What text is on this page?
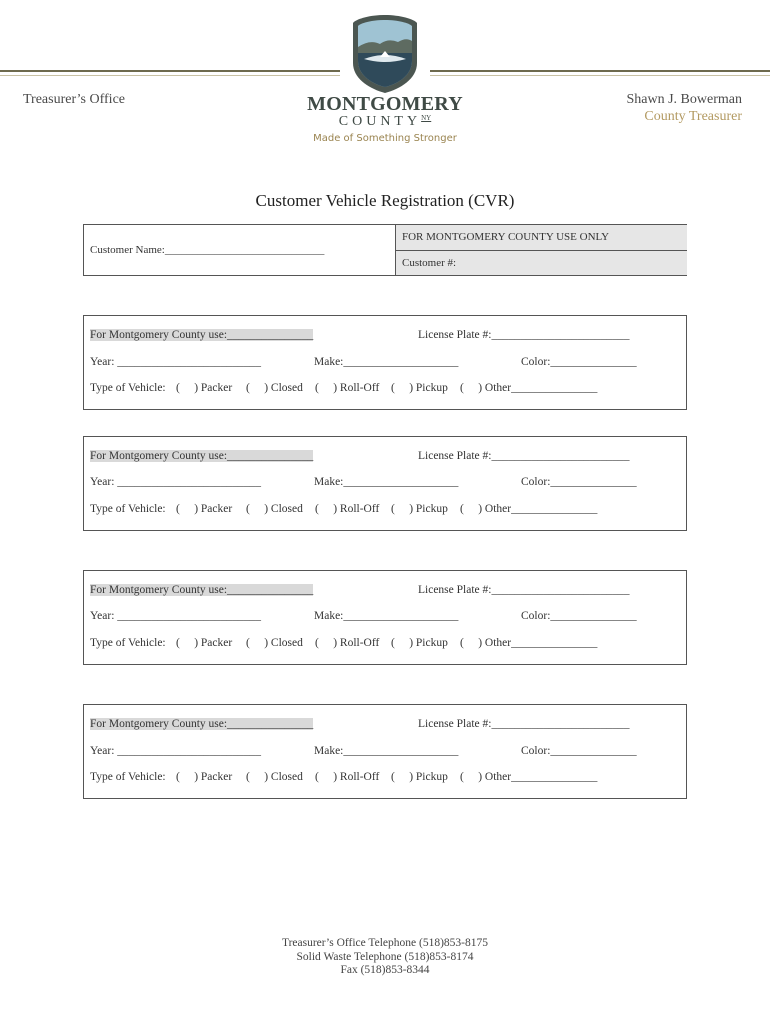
Treasurer’s Office	Shawn J. Bowerman
County Treasurer
MONTGOMERY
$COUNTY^{NY}$
Made of Something Stronger
Customer Vehicle Registration (CVR)
Customer Name:_____________________________
FOR MONTGOMERY COUNTY USE ONLY
Customer #:
For Montgomery County use:_______________	License Plate #:________________________
Year: _________________________	Make:____________________	Color:_______________
Type of Vehicle: (     ) Packer (     ) Closed (     ) Roll-Off (     ) Pickup (     ) Other_______________
For Montgomery County use:_______________	License Plate #:________________________
Year: _________________________	Make:____________________	Color:_______________
Type of Vehicle: (     ) Packer (     ) Closed (     ) Roll-Off (     ) Pickup (     ) Other_______________
For Montgomery County use:_______________	License Plate #:________________________
Year: _________________________	Make:____________________	Color:_______________
Type of Vehicle: (     ) Packer (     ) Closed (     ) Roll-Off (     ) Pickup (     ) Other_______________
For Montgomery County use:_______________	License Plate #:________________________
Year: _________________________	Make:____________________	Color:_______________
Type of Vehicle: (     ) Packer (     ) Closed (     ) Roll-Off (     ) Pickup (     ) Other_______________
Treasurer’s Office Telephone (518)853-8175
Solid Waste Telephone (518)853-8174
Fax (518)853-8344
